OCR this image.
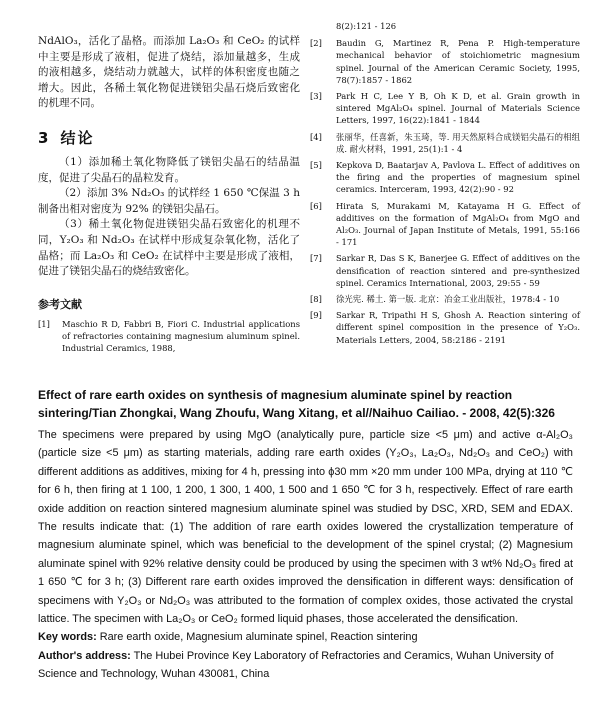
NdAlO₃，活化了晶格。而添加 La₂O₃ 和 CeO₂ 的试样中主要是形成了液相，促进了烧结，添加量越多，生成的液相越多，烧结动力就越大，试样的体积密度也随之增大。因此，各稀土氧化物促进镁铝尖晶石烧后致密化的机理不同。

3 结论

（1）添加稀土氧化物降低了镁铝尖晶石的结晶温度，促进了尖晶石的晶粒发育。

（2）添加 3% Nd₂O₃ 的试样经 1 650 ℃保温 3 h 制备出相对密度为 92% 的镁铝尖晶石。

（3）稀土氧化物促进镁铝尖晶石致密化的机理不同，Y₂O₃ 和 Nd₂O₃ 在试样中形成复杂氧化物，活化了晶格；而 La₂O₃ 和 CeO₂ 在试样中主要是形成了液相，促进了镁铝尖晶石的烧结致密化。

参考文献
[1]	Maschio R D, Fabbri B, Fiori C. Industrial applications of refractories containing magnesium aluminum spinel. Industrial Ceramics, 1988,
8(2):121 - 126
[2]	Baudin G, Martinez R, Pena P. High-temperature mechanical behavior of stoichiometric magnesium spinel. Journal of the American Ceramic Society, 1995, 78(7):1857 - 1862
[3]	Park H C, Lee Y B, Oh K D, et al. Grain growth in sintered MgAl₂O₄ spinel. Journal of Materials Science Letters, 1997, 16(22):1841 - 1844
[4]	张丽华，任喜新，朱玉琦，等. 用天然原料合成镁铝尖晶石的相组成. 耐火材料，1991, 25(1):1 - 4
[5]	Kepkova D, Baatarjav A, Pavlova L. Effect of additives on the firing and the properties of magnesium spinel ceramics. Interceram, 1993, 42(2):90 - 92
[6]	Hirata S, Murakami M, Katayama H G. Effect of additives on the formation of MgAl₂O₄ from MgO and Al₂O₃. Journal of Japan Institute of Metals, 1991, 55:166 - 171
[7]	Sarkar R, Das S K, Banerjee G. Effect of additives on the densification of reaction sintered and pre-synthesized spinel. Ceramics International, 2003, 29:55 - 59
[8]	徐光宪. 稀土. 第一版. 北京：冶金工业出版社，1978:4 - 10
[9]	Sarkar R, Tripathi H S, Ghosh A. Reaction sintering of different spinel composition in the presence of Y₂O₃. Materials Letters, 2004, 58:2186 - 2191

Effect of rare earth oxides on synthesis of magnesium aluminate spinel by reaction sintering/Tian Zhongkai, Wang Zhoufu, Wang Xitang, et al//Naihuo Cailiao. - 2008, 42(5):326

The specimens were prepared by using MgO (analytically pure, particle size <5 μm) and active α-Al₂O₃ (particle size <5 μm) as starting materials, adding rare earth oxides (Y₂O₃, La₂O₃, Nd₂O₃ and CeO₂) with different additions as additives, mixing for 4 h, pressing into ϕ30 mm ×20 mm under 100 MPa, drying at 110 ℃ for 6 h, then firing at 1 100, 1 200, 1 300, 1 400, 1 500 and 1 650 ℃ for 3 h, respectively. Effect of rare earth oxide addition on reaction sintered magnesium aluminate spinel was studied by DSC, XRD, SEM and EDAX. The results indicate that: (1) The addition of rare earth oxides lowered the crystallization temperature of magnesium aluminate spinel, which was beneficial to the development of the spinel crystal; (2) Magnesium aluminate spinel with 92% relative density could be produced by using the specimen with 3 wt% Nd₂O₃ fired at 1 650 ℃ for 3 h; (3) Different rare earth oxides improved the densification in different ways: densification of specimens with Y₂O₃ or Nd₂O₃ was attributed to the formation of complex oxides, those activated the crystal lattice. The specimen with La₂O₃ or CeO₂ formed liquid phases, those accelerated the densification.

Key words: Rare earth oxide, Magnesium aluminate spinel, Reaction sintering

Author's address: The Hubei Province Key Laboratory of Refractories and Ceramics, Wuhan University of Science and Technology, Wuhan 430081, China
